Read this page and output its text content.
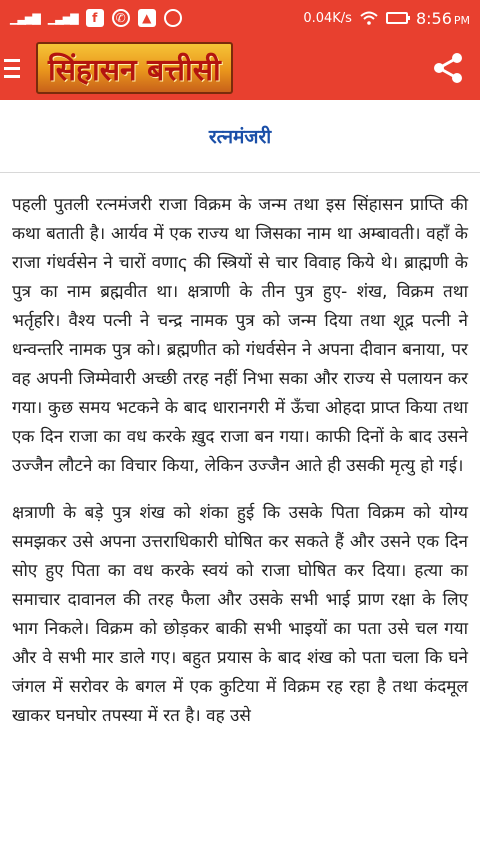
▁▃▅▇ ▁▃▅▇	f	✆	▲	0.04K/s	8:56 PM
सिंहासन बत्तीसी
रत्नमंजरी

पहली पुतली रत्नमंजरी राजा विक्रम के जन्म तथा इस सिंहासन प्राप्ति की कथा बताती है। आर्यव में एक राज्य था जिसका नाम था अम्बावती। वहाँ के राजा गंधर्वसेन ने चारों वणाҁ की स्त्रियों से चार विवाह किये थे। ब्राह्मणी के पुत्र का नाम ब्रह्मवीत था। क्षत्राणी के तीन पुत्र हुए- शंख, विक्रम तथा भर्तृहरि। वैश्य पत्नी ने चन्द्र नामक पुत्र को जन्म दिया तथा शूद्र पत्नी ने धन्वन्तरि नामक पुत्र को। ब्रह्मणीत को गंधर्वसेन ने अपना दीवान बनाया, पर वह अपनी जिम्मेवारी अच्छी तरह नहीं निभा सका और राज्य से पलायन कर गया। कुछ समय भटकने के बाद धारानगरी में ऊँचा ओहदा प्राप्त किया तथा एक दिन राजा का वध करके ख़ुद राजा बन गया। काफी दिनों के बाद उसने उज्जैन लौटने का विचार किया, लेकिन उज्जैन आते ही उसकी मृत्यु हो गई।

क्षत्राणी के बड़े पुत्र शंख को शंका हुई कि उसके पिता विक्रम को योग्य समझकर उसे अपना उत्तराधिकारी घोषित कर सकते हैं और उसने एक दिन सोए हुए पिता का वध करके स्वयं को राजा घोषित कर दिया। हत्या का समाचार दावानल की तरह फैला और उसके सभी भाई प्राण रक्षा के लिए भाग निकले। विक्रम को छोड़कर बाकी सभी भाइयों का पता उसे चल गया और वे सभी मार डाले गए। बहुत प्रयास के बाद शंख को पता चला कि घने जंगल में सरोवर के बगल में एक कुटिया में विक्रम रह रहा है तथा कंदमूल खाकर घनघोर तपस्या में रत है। वह उसे
